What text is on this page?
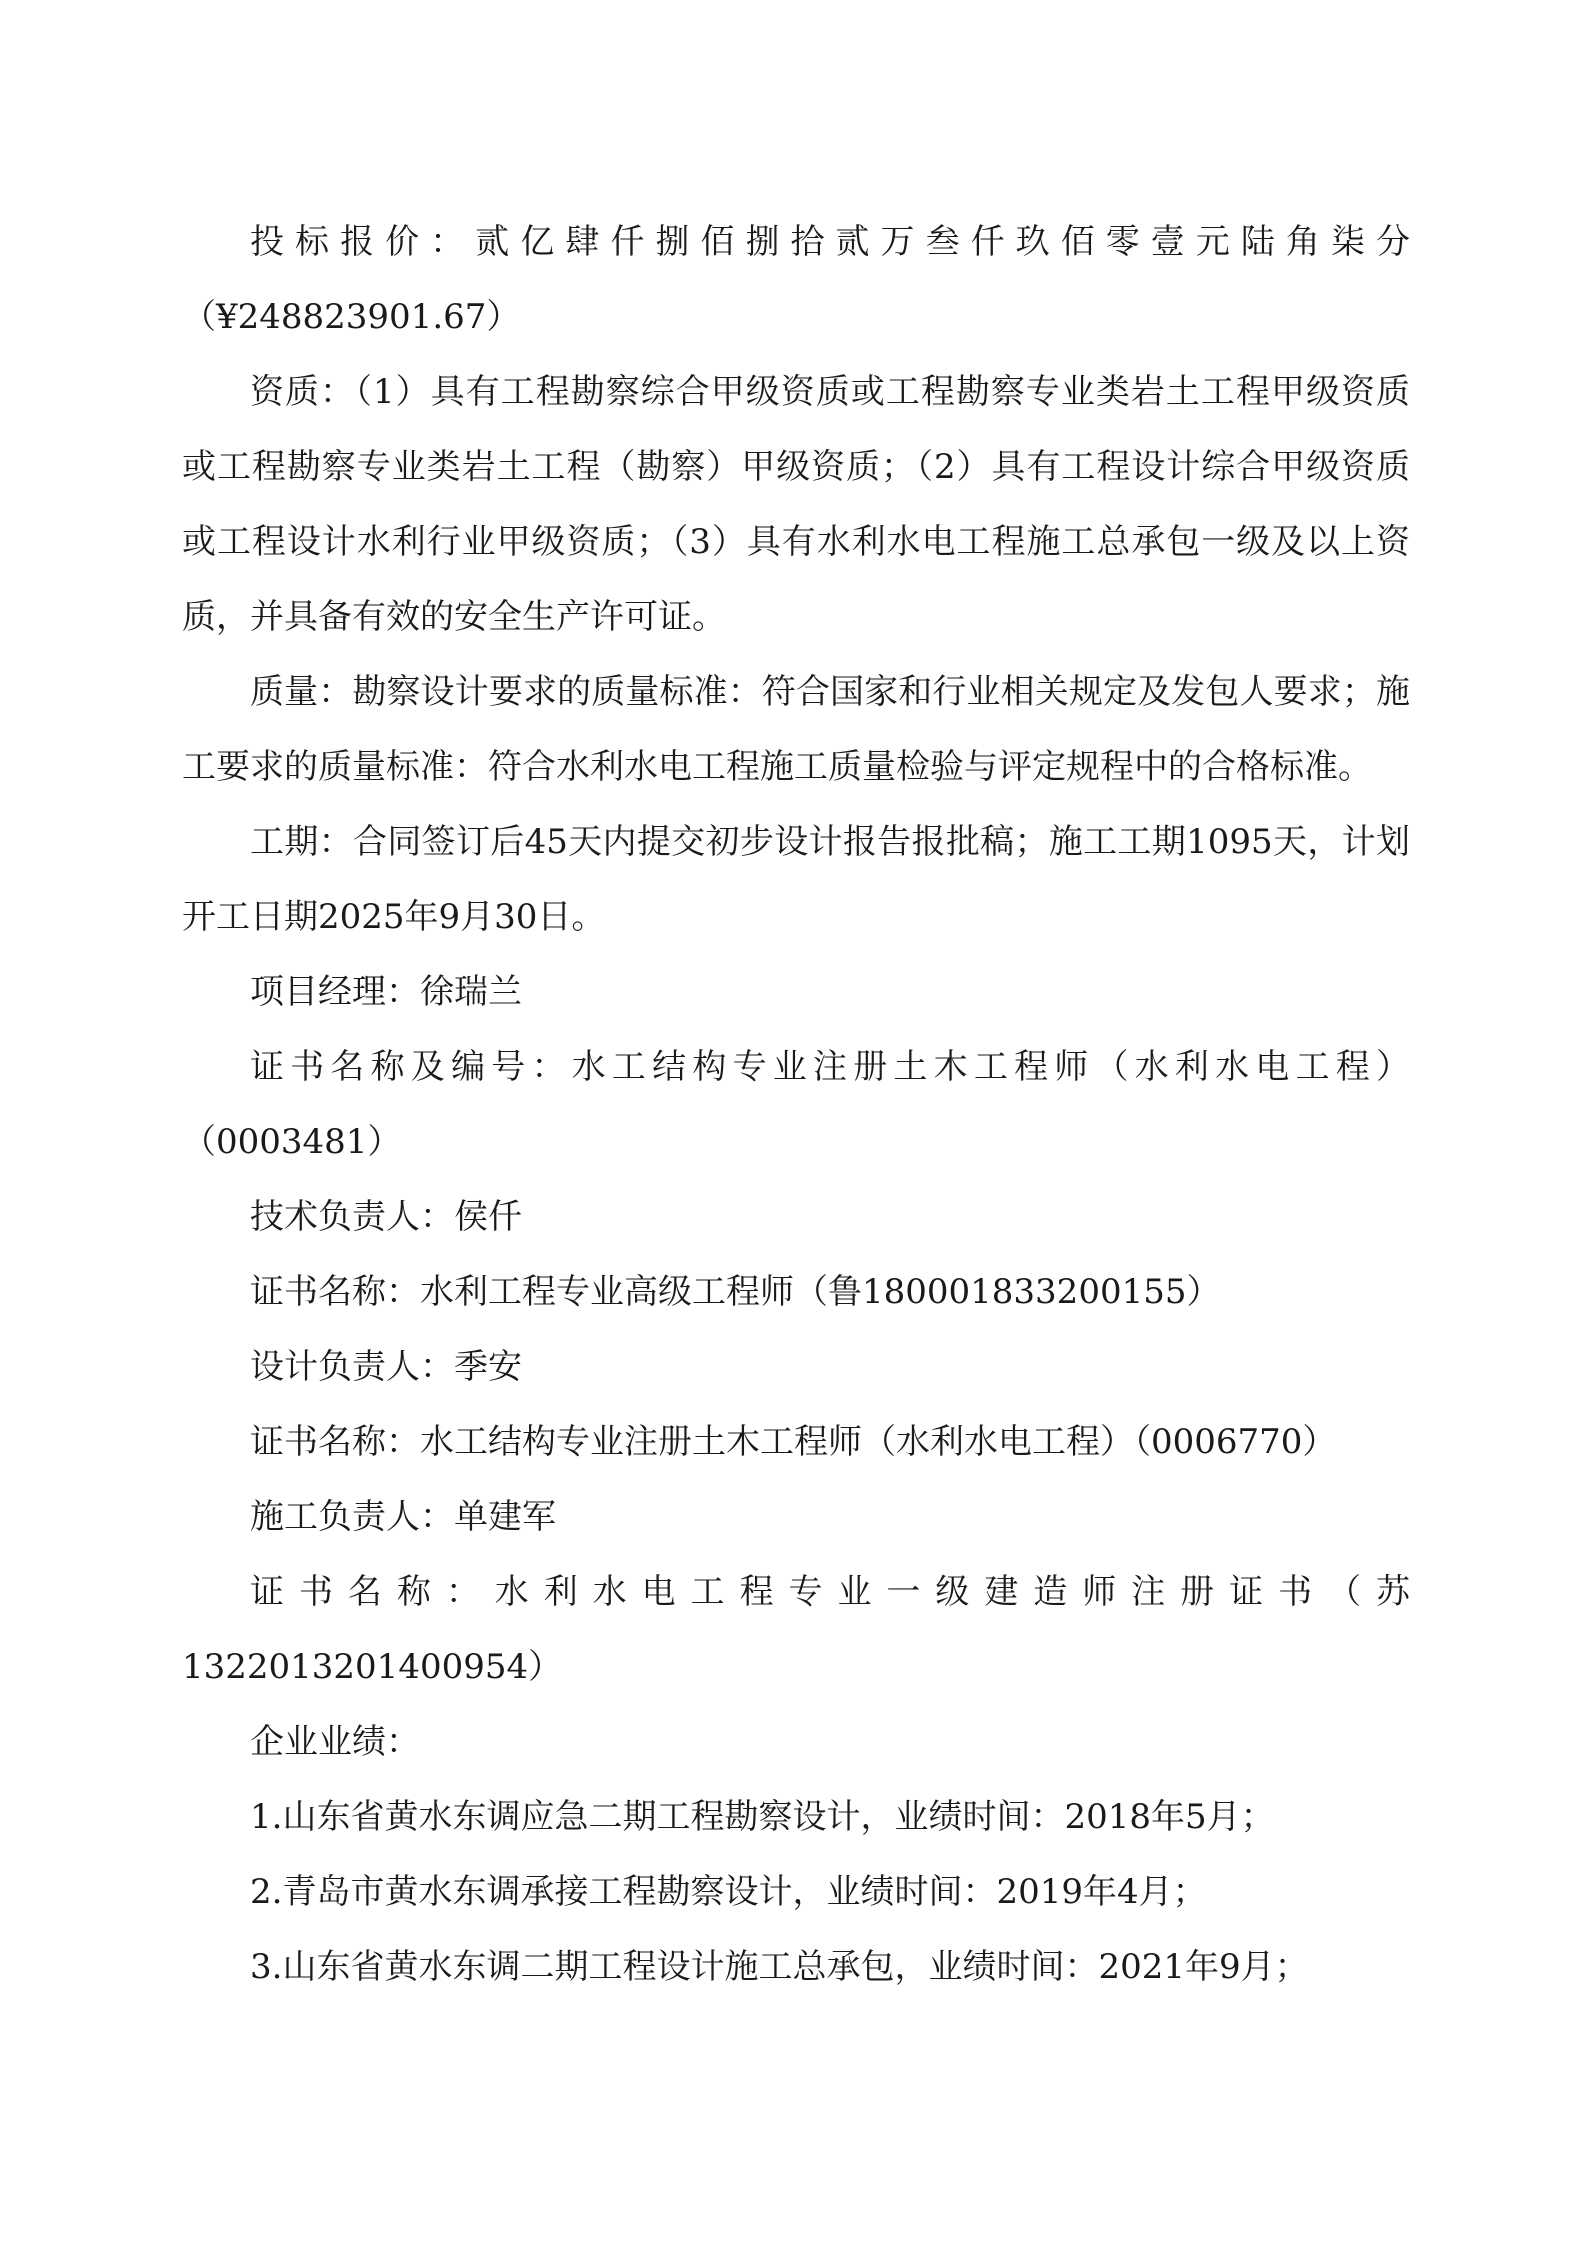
投标报价：贰亿肆仟捌佰捌拾贰万叁仟玖佰零壹元陆角柒分（¥248823901.67）

资质：（1）具有工程勘察综合甲级资质或工程勘察专业类岩土工程甲级资质或工程勘察专业类岩土工程（勘察）甲级资质；（2）具有工程设计综合甲级资质或工程设计水利行业甲级资质；（3）具有水利水电工程施工总承包一级及以上资质，并具备有效的安全生产许可证。

质量：勘察设计要求的质量标准：符合国家和行业相关规定及发包人要求；施工要求的质量标准：符合水利水电工程施工质量检验与评定规程中的合格标准。

工期：合同签订后45天内提交初步设计报告报批稿；施工工期1095天，计划开工日期2025年9月30日。

项目经理：徐瑞兰

证书名称及编号：水工结构专业注册土木工程师（水利水电工程）（0003481）

技术负责人：侯仟

证书名称：水利工程专业高级工程师（鲁180001833200155）

设计负责人：季安

证书名称：水工结构专业注册土木工程师（水利水电工程）（0006770）

施工负责人：单建军

证书名称：水利水电工程专业一级建造师注册证书（苏1322013201400954）

企业业绩：

1.山东省黄水东调应急二期工程勘察设计，业绩时间：2018年5月；

2.青岛市黄水东调承接工程勘察设计，业绩时间：2019年4月；

3.山东省黄水东调二期工程设计施工总承包，业绩时间：2021年9月；
